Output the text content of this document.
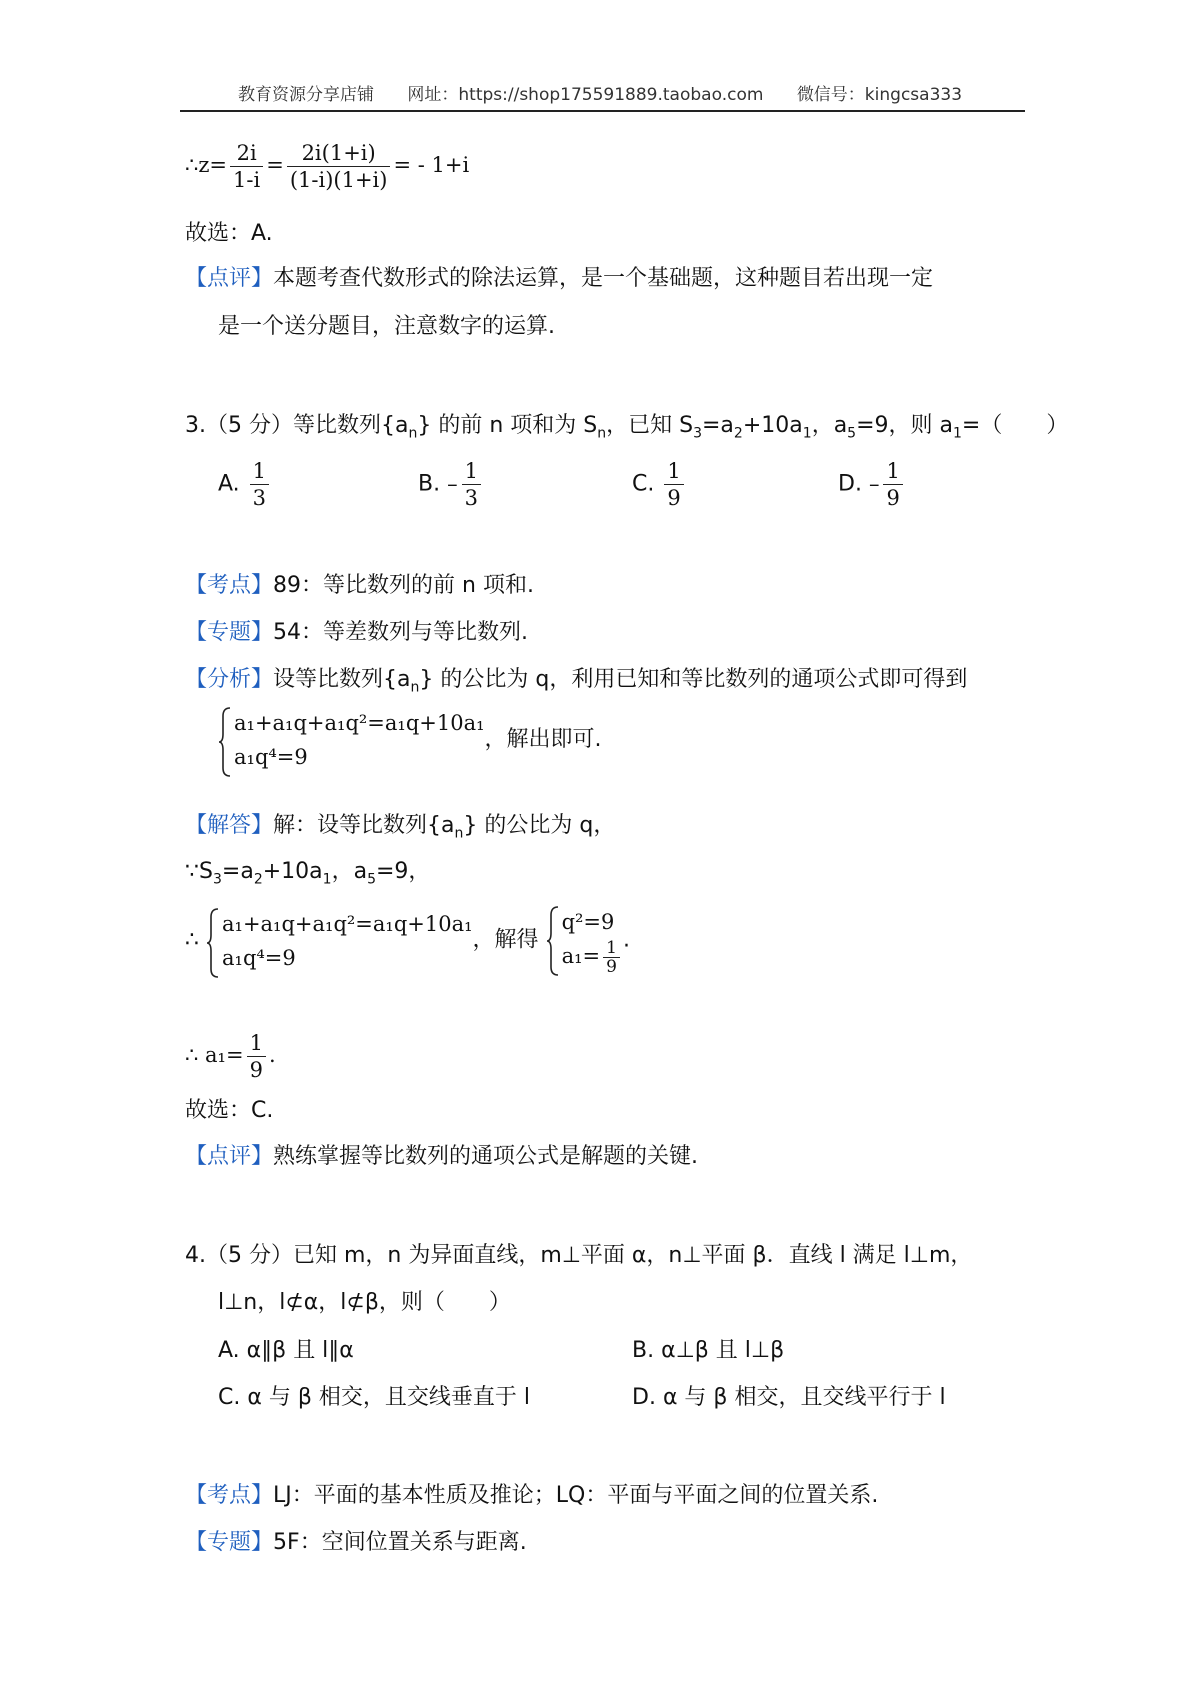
教育资源分享店铺 网址：https://shop175591889.taobao.com 微信号：kingcsa333
∴z= $\frac{2i}{1-i} = \frac{2i(1+i)}{(1-i)(1+i)}$ = - 1+i
故选：A.
【点评】本题考查代数形式的除法运算，是一个基础题，这种题目若出现一定
是一个送分题目，注意数字的运算.
3.（5 分）等比数列$\{a_n\}$ 的前 n 项和为 $S_n$，已知 $S_3=a_2+10a_1$，$a_5=9$，则 $a_1=$（　　）
A. $\frac{1}{3}$	B. – $\frac{1}{3}$	C. $\frac{1}{9}$	D. – $\frac{1}{9}$
【考点】89：等比数列的前 n 项和.
【专题】54：等差数列与等比数列.
【分析】设等比数列$\{a_n\}$ 的公比为 q，利用已知和等比数列的通项公式即可得到
a₁+a₁q+a₁q²=a₁q+10a₁
a₁q⁴=9
，解出即可.
【解答】解：设等比数列$\{a_n\}$ 的公比为 q，
$\because S_3=a_2+10a_1$，$a_5=9$，
∴
a₁+a₁q+a₁q²=a₁q+10a₁
a₁q⁴=9
，解得
q²=9
$a_1= \frac{1}{9}$ .
∴ $a_1= \frac{1}{9}$ .
故选：C.
【点评】熟练掌握等比数列的通项公式是解题的关键.
4.（5 分）已知 m，n 为异面直线，m⊥平面 α，n⊥平面 β．直线 l 满足 l⊥m，
l⊥n，l⊄α，l⊄β，则（　　）
A. α∥β 且 l∥α	B. α⊥β 且 l⊥β
C. α 与 β 相交，且交线垂直于 l	D. α 与 β 相交，且交线平行于 l
【考点】LJ：平面的基本性质及推论；LQ：平面与平面之间的位置关系.
【专题】5F：空间位置关系与距离.
